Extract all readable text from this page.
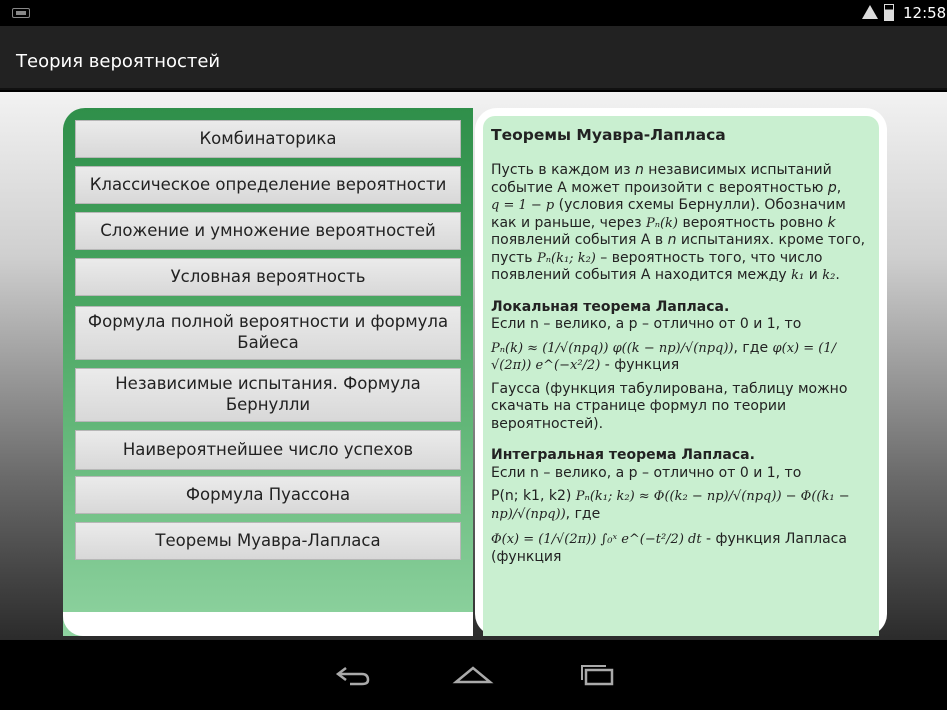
12:58
Теория вероятностей
Комбинаторика
Классическое определение вероятности
Сложение и умножение вероятностей
Условная вероятность
Формула полной вероятности и формула Байеса
Независимые испытания. Формула Бернулли
Наивероятнейшее число успехов
Формула Пуассона
Теоремы Муавра-Лапласа
Теоремы Муавра-Лапласа
Пусть в каждом из n независимых испытаний событие А может произойти с вероятностью p,
q = 1 − p (условия схемы Бернулли). Обозначим как и раньше, через Pₙ(k) вероятность ровно k появлений события А в n испытаниях. кроме того, пусть Pₙ(k₁; k₂) – вероятность того, что число появлений события А находится между k₁ и k₂.
Локальная теорема Лапласа.
Если n – велико, а p – отлично от 0 и 1, то
Pₙ(k) ≈ (1/√(npq)) φ((k − np)/√(npq)), где φ(x) = (1/√(2π)) e^(−x²/2) - функция
Гаусса (функция табулирована, таблицу можно скачать на странице формул по теории вероятностей).
Интегральная теорема Лапласа.
Если n – велико, а p – отлично от 0 и 1, то
P(n; k1, k2) Pₙ(k₁; k₂) ≈ Φ((k₂ − np)/√(npq)) − Φ((k₁ − np)/√(npq)), где
Φ(x) = (1/√(2π)) ∫₀ˣ e^(−t²/2) dt - функция Лапласа (функция
